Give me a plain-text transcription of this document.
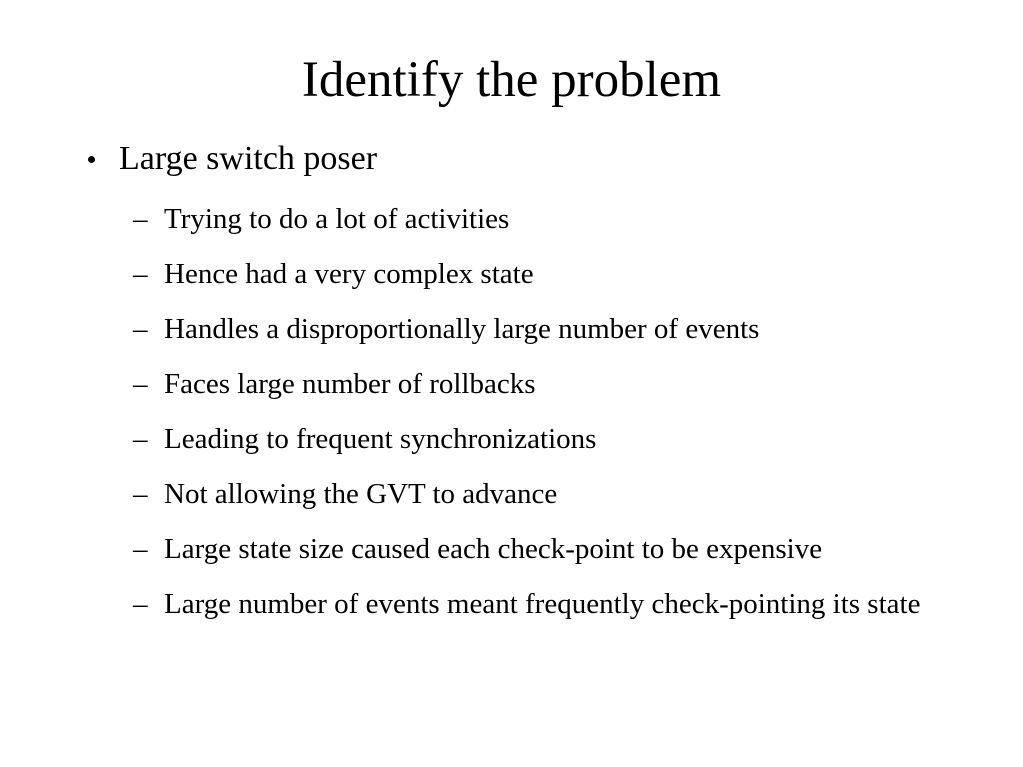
Identify the problem
Large switch poser
– Trying to do a lot of activities
– Hence had a very complex state
– Handles a disproportionally large number of events
– Faces large number of rollbacks
– Leading to frequent synchronizations
– Not allowing the GVT to advance
– Large state size caused each check-point to be expensive
– Large number of events meant frequently check-pointing its state
